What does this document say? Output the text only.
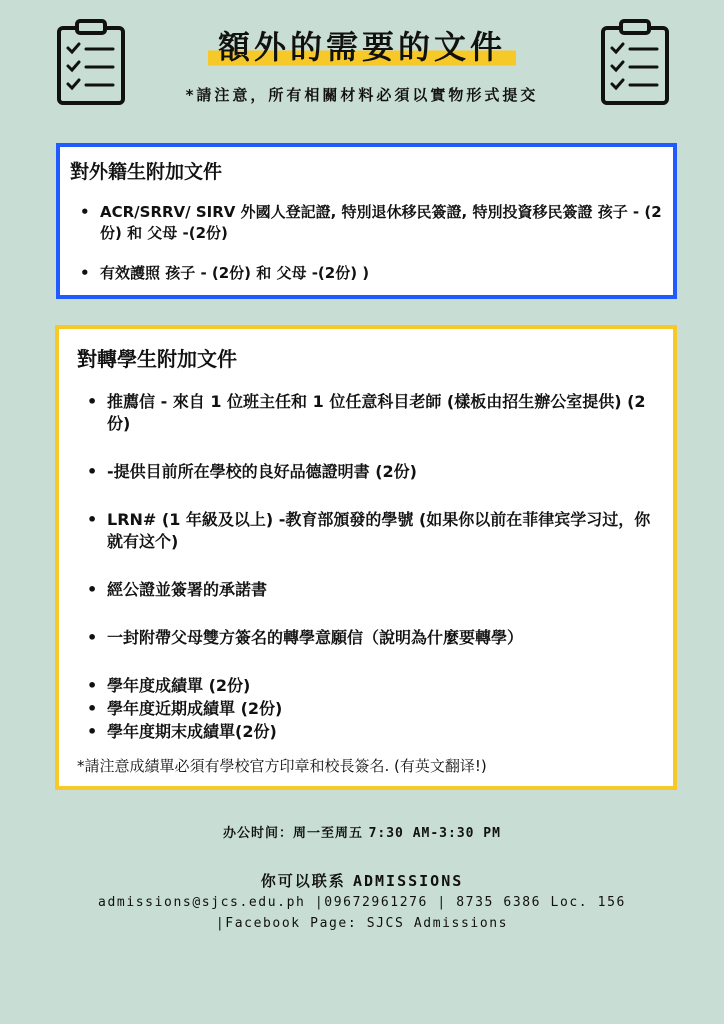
額外的需要的文件
*請注意，所有相關材料必須以實物形式提交
對外籍生附加文件
• ACR/SRRV/ SIRV 外國人登記證, 特別退休移民簽證, 特別投資移民簽證 孩子 - (2份) 和 父母 -(2份)
• 有效護照 孩子 - (2份) 和 父母 -(2份) )
對轉學生附加文件
• 推薦信 - 來自 1 位班主任和 1 位任意科目老師 (樣板由招生辦公室提供) (2份)
• -提供目前所在學校的良好品德證明書 (2份)
• LRN# (1 年級及以上) -教育部頒發的學號 (如果你以前在菲律宾学习过，你就有这个)
• 經公證並簽署的承諾書
• 一封附帶父母雙方簽名的轉學意願信（說明為什麼要轉學）
• 學年度成績單 (2份)
• 學年度近期成績單 (2份)
• 學年度期末成績單(2份)
*請注意成績單必須有學校官方印章和校長簽名. (有英文翻译!)
办公时间：周一至周五 7:30 AM-3:30 PM
你可以联系 ADMISSIONS
admissions@sjcs.edu.ph |09672961276 | 8735 6386 Loc. 156
|Facebook Page: SJCS Admissions
